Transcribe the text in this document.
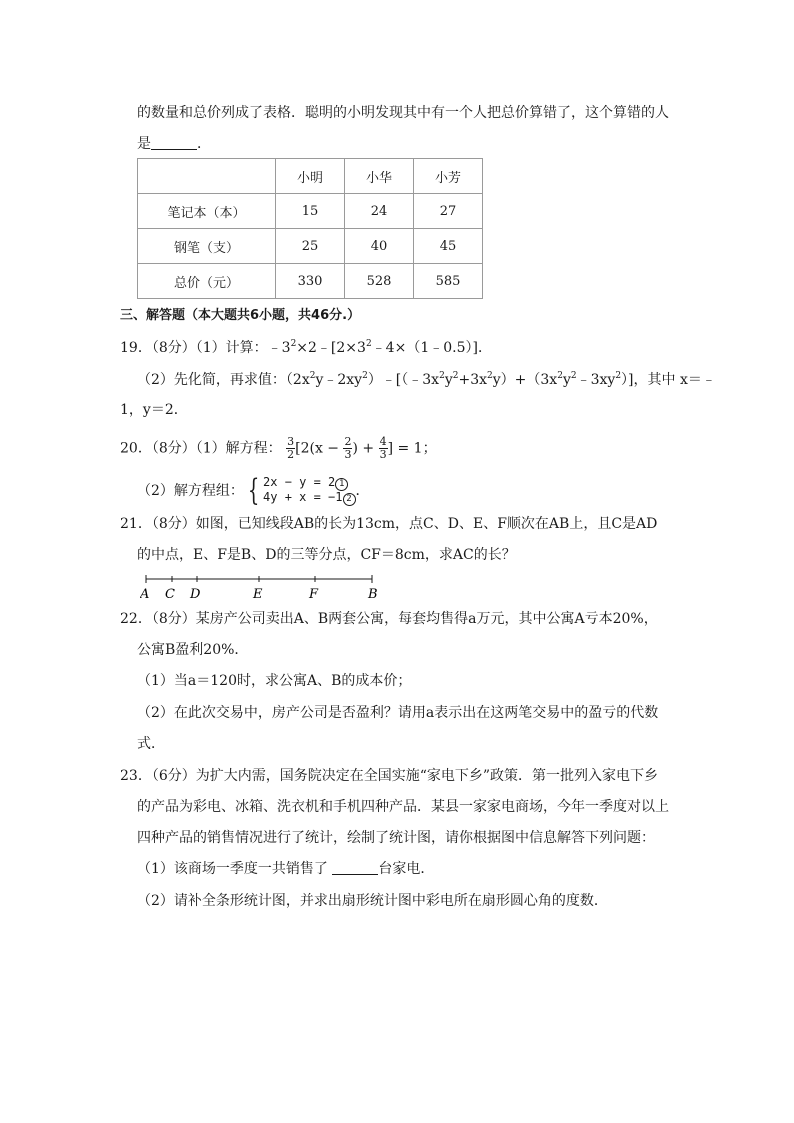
的数量和总价列成了表格．聪明的小明发现其中有一个人把总价算错了，这个算错的人
是	．
	小明	小华	小芳
笔记本（本）	15	24	27
钢笔（支）	25	40	45
总价（元）	330	528	585
三、解答题（本大题共6小题，共46分.）
19．（8分）（1）计算：$﹣3^2\times 2﹣[2\times 3^2﹣4\times(1﹣0.5)]$．
（2）先化简，再求值：$(2x^2y﹣2xy^2)﹣[(﹣3x^2y^2+3x^2y)+(3x^2y^2﹣3xy^2)]$，其中 x＝﹣
1，y＝2．
20．（8分）（1）解方程： $\frac{3}{2} [2(x - \frac{2}{3}$ ) + $\frac{4}{3}$ ] = 1；
（2）解方程组： { 2x − y = 2 1
4y + x = −1 2 ．
21．（8分）如图，已知线段AB的长为13cm，点C、D、E、F顺次在AB上，且C是AD
的中点，E、F是B、D的三等分点，CF＝8cm，求AC的长？
A C D	E	F	B
22．（8分）某房产公司卖出A、B两套公寓，每套均售得a万元，其中公寓A亏本20%，
公寓B盈利20%．
（1）当a＝120时，求公寓A、B的成本价；
（2）在此次交易中，房产公司是否盈利？请用a表示出在这两笔交易中的盈亏的代数
式．
23．（6分）为扩大内需，国务院决定在全国实施“家电下乡”政策．第一批列入家电下乡
的产品为彩电、冰箱、洗衣机和手机四种产品．某县一家家电商场，今年一季度对以上
四种产品的销售情况进行了统计，绘制了统计图，请你根据图中信息解答下列问题：
（1）该商场一季度一共销售了	台家电．
（2）请补全条形统计图，并求出扇形统计图中彩电所在扇形圆心角的度数．
